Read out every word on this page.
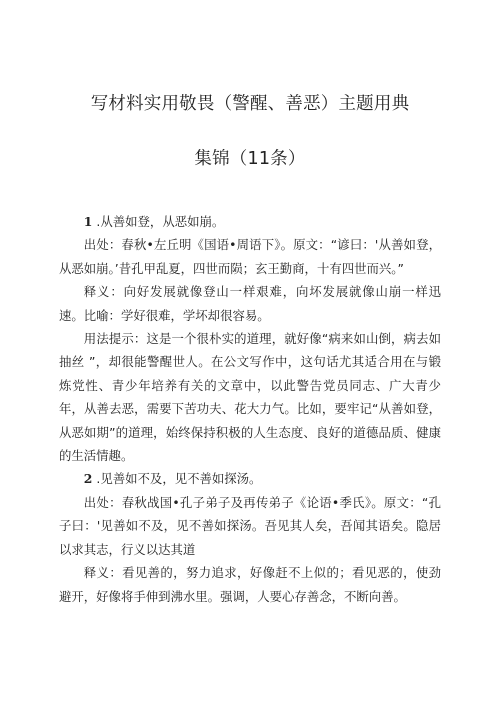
写材料实用敬畏（警醒、善恶）主题用典
集锦（11条）

1 .从善如登，从恶如崩。

出处：春秋•左丘明《国语•周语下》。原文：“谚曰：'从善如登，从恶如崩。’昔孔甲乱夏，四世而陨；玄王勤商，十有四世而兴。”

释义：向好发展就像登山一样艰难，向坏发展就像山崩一样迅速。比喻：学好很难，学坏却很容易。

用法提示：这是一个很朴实的道理，就好像“病来如山倒，病去如抽丝 ”，却很能警醒世人。在公文写作中，这句话尤其适合用在与锻炼党性、青少年培养有关的文章中，以此警告党员同志、广大青少年，从善去恶，需要下苦功夫、花大力气。比如，要牢记“从善如登，从恶如期”的道理，始终保持积极的人生态度、良好的道德品质、健康的生活情趣。

2 .见善如不及，见不善如探汤。

出处：春秋战国•孔子弟子及再传弟子《论语•季氏》。原文：“孔子曰：'见善如不及，见不善如探汤。吾见其人矣，吾闻其语矣。隐居以求其志，行义以达其道

释义：看见善的，努力追求，好像赶不上似的；看见恶的，使劲避开，好像将手伸到沸水里。强调，人要心存善念，不断向善。
